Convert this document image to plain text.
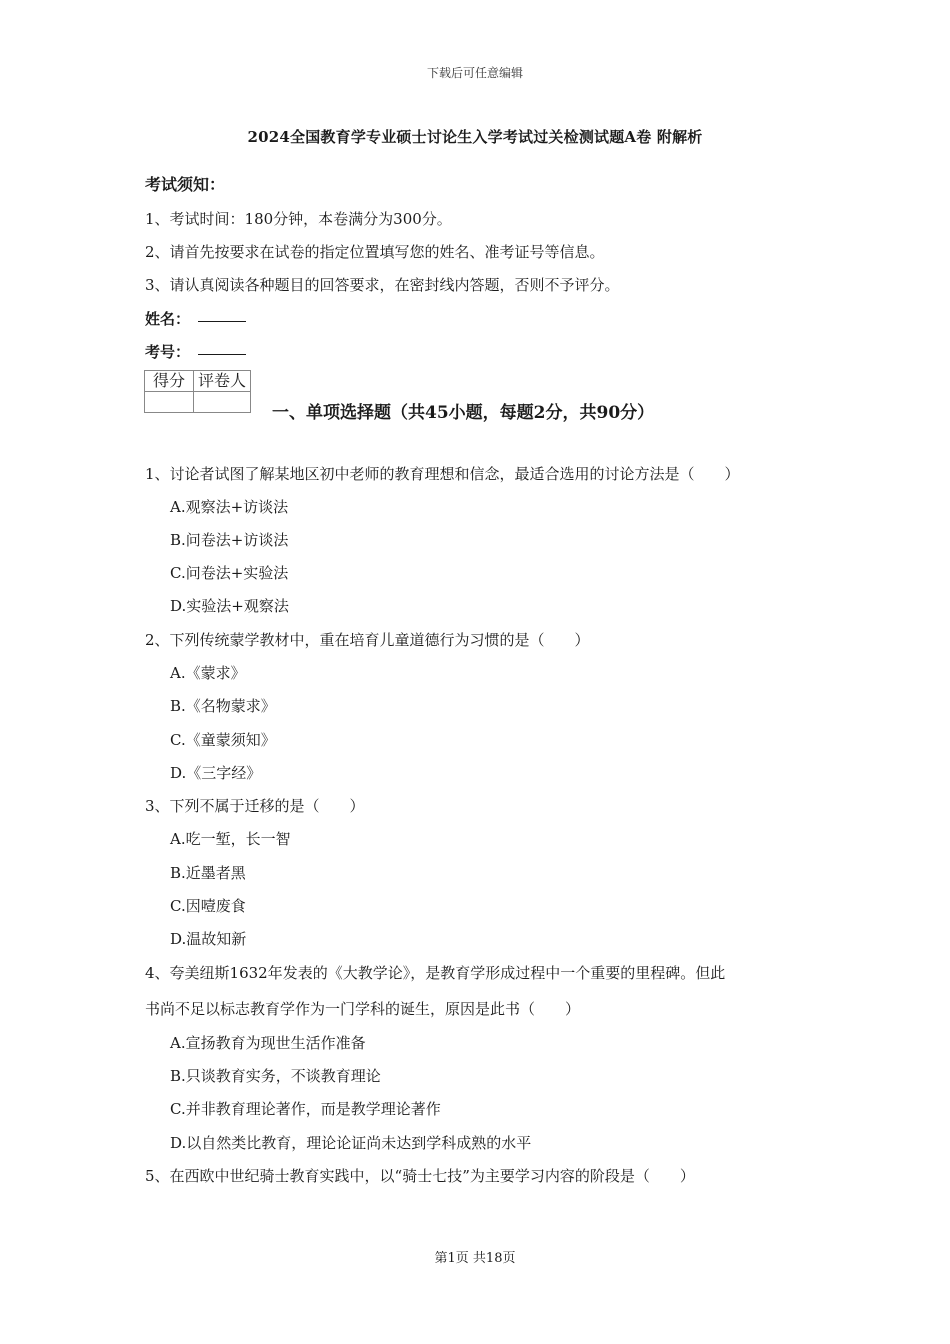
下载后可任意编辑
2024全国教育学专业硕士讨论生入学考试过关检测试题A卷 附解析
考试须知：
1、考试时间：180分钟，本卷满分为300分。
2、请首先按要求在试卷的指定位置填写您的姓名、准考证号等信息。
3、请认真阅读各种题目的回答要求，在密封线内答题，否则不予评分。
姓名：
考号：
得分	评卷人

一、单项选择题（共45小题，每题2分，共90分）
1、讨论者试图了解某地区初中老师的教育理想和信念，最适合选用的讨论方法是（　　）
A.观察法+访谈法
B.问卷法+访谈法
C.问卷法+实验法
D.实验法+观察法
2、下列传统蒙学教材中，重在培育儿童道德行为习惯的是（　　）
A.《蒙求》
B.《名物蒙求》
C.《童蒙须知》
D.《三字经》
3、下列不属于迁移的是（　　）
A.吃一堑，长一智
B.近墨者黑
C.因噎废食
D.温故知新
4、夸美纽斯1632年发表的《大教学论》，是教育学形成过程中一个重要的里程碑。但此
书尚不足以标志教育学作为一门学科的诞生，原因是此书（　　）
A.宣扬教育为现世生活作准备
B.只谈教育实务，不谈教育理论
C.并非教育理论著作，而是教学理论著作
D.以自然类比教育，理论论证尚未达到学科成熟的水平
5、在西欧中世纪骑士教育实践中，以“骑士七技”为主要学习内容的阶段是（　　）
第1页 共18页
